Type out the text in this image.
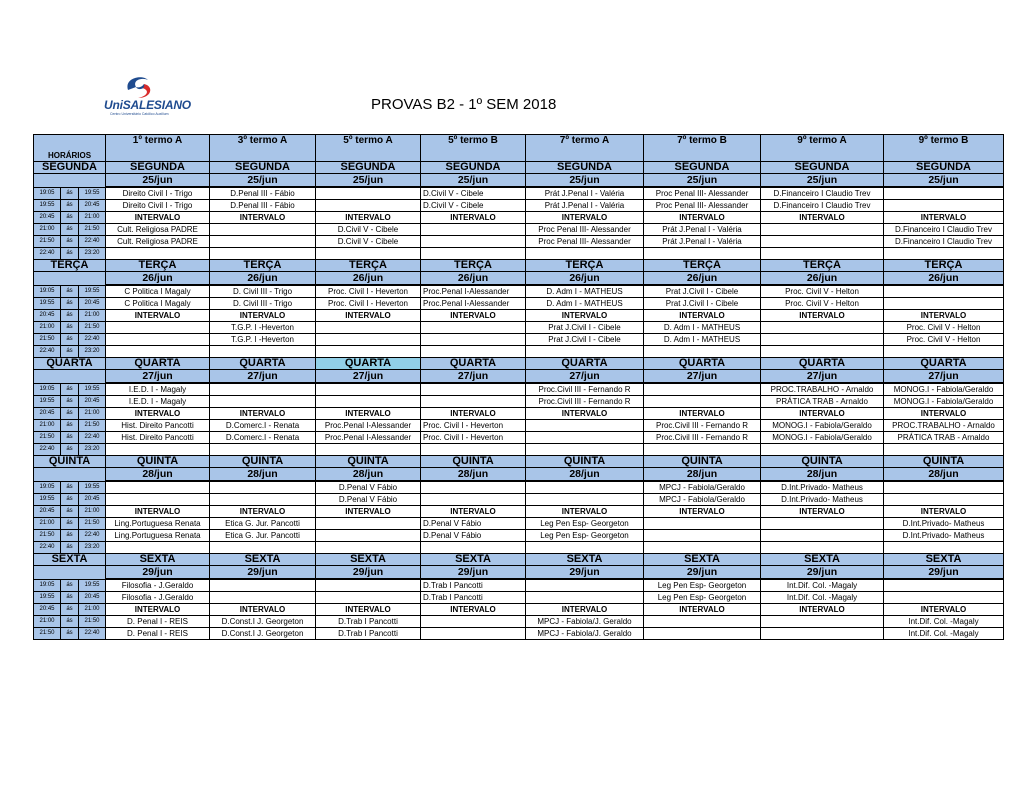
UniSALESIANO
Centro Universitário Católico Auxilium
PROVAS B2 - 1º SEM 2018
HORÁRIOS			1º termo A	3º termo A	5º termo A	5º termo B	7º termo A	7º termo B	9º termo A	9º termo B
SEGUNDA			SEGUNDA	SEGUNDA	SEGUNDA	SEGUNDA	SEGUNDA	SEGUNDA	SEGUNDA	SEGUNDA
			25/jun	25/jun	25/jun	25/jun	25/jun	25/jun	25/jun	25/jun
19:05	ás	19:55	Direito Civil I - Trigo	D.Penal III - Fábio		D.Civil V - Cibele	Prát J.Penal I - Valéria	Proc Penal III- Alessander	D.Financeiro I Claudio Trev	
19:55	ás	20:45	Direito Civil I - Trigo	D.Penal III - Fábio		D.Civil V - Cibele	Prát J.Penal I - Valéria	Proc Penal III- Alessander	D.Financeiro I Claudio Trev	
20:45	ás	21:00	INTERVALO	INTERVALO	INTERVALO	INTERVALO	INTERVALO	INTERVALO	INTERVALO	INTERVALO
21:00	ás	21:50	Cult. Religiosa PADRE		D.Civil V - Cibele		Proc Penal III- Alessander	Prát J.Penal I - Valéria		D.Financeiro I Claudio Trev
21:50	ás	22:40	Cult. Religiosa PADRE		D.Civil V - Cibele		Proc Penal III- Alessander	Prát J.Penal I - Valéria		D.Financeiro I Claudio Trev
22:40	ás	23:20								
TERÇA			TERÇA	TERÇA	TERÇA	TERÇA	TERÇA	TERÇA	TERÇA	TERÇA
			26/jun	26/jun	26/jun	26/jun	26/jun	26/jun	26/jun	26/jun
19:05	ás	19:55	C Politica I Magaly	D. Civil III - Trigo	Proc. Civil I - Heverton	Proc.Penal I-Alessander	D. Adm I - MATHEUS	Prat J.Civil I - Cibele	Proc. Civil V - Helton	
19:55	ás	20:45	C Politica I Magaly	D. Civil III - Trigo	Proc. Civil I - Heverton	Proc.Penal I-Alessander	D. Adm I - MATHEUS	Prat J.Civil I - Cibele	Proc. Civil V - Helton	
20:45	ás	21:00	INTERVALO	INTERVALO	INTERVALO	INTERVALO	INTERVALO	INTERVALO	INTERVALO	INTERVALO
21:00	ás	21:50		T.G.P. I -Heverton			Prat J.Civil I - Cibele	D. Adm I - MATHEUS		Proc. Civil V - Helton
21:50	ás	22:40		T.G.P. I -Heverton			Prat J.Civil I - Cibele	D. Adm I - MATHEUS		Proc. Civil V - Helton
22:40	ás	23:20								
QUARTA			QUARTA	QUARTA	QUARTA	QUARTA	QUARTA	QUARTA	QUARTA	QUARTA
			27/jun	27/jun	27/jun	27/jun	27/jun	27/jun	27/jun	27/jun
19:05	ás	19:55	I.E.D. I - Magaly				Proc.Civil III - Fernando R		PROC.TRABALHO - Arnaldo	MONOG.I - Fabiola/Geraldo
19:55	ás	20:45	I.E.D. I - Magaly				Proc.Civil III - Fernando R		PRÁTICA TRAB - Arnaldo	MONOG.I - Fabiola/Geraldo
20:45	ás	21:00	INTERVALO	INTERVALO	INTERVALO	INTERVALO	INTERVALO	INTERVALO	INTERVALO	INTERVALO
21:00	ás	21:50	Hist. Direito Pancotti	D.Comerc.I - Renata	Proc.Penal I-Alessander	Proc. Civil I - Heverton		Proc.Civil III - Fernando R	MONOG.I - Fabiola/Geraldo	PROC.TRABALHO - Arnaldo
21:50	ás	22:40	Hist. Direito Pancotti	D.Comerc.I - Renata	Proc.Penal I-Alessander	Proc. Civil I - Heverton		Proc.Civil III - Fernando R	MONOG.I - Fabiola/Geraldo	PRÁTICA TRAB - Arnaldo
22:40	ás	23:20								
QUINTA			QUINTA	QUINTA	QUINTA	QUINTA	QUINTA	QUINTA	QUINTA	QUINTA
			28/jun	28/jun	28/jun	28/jun	28/jun	28/jun	28/jun	28/jun
19:05	ás	19:55			D.Penal V Fábio			MPCJ - Fabiola/Geraldo	D.Int.Privado- Matheus	
19:55	ás	20:45			D.Penal V Fábio			MPCJ - Fabiola/Geraldo	D.Int.Privado- Matheus	
20:45	ás	21:00	INTERVALO	INTERVALO	INTERVALO	INTERVALO	INTERVALO	INTERVALO	INTERVALO	INTERVALO
21:00	ás	21:50	Ling.Portuguesa Renata	Etica G. Jur. Pancotti		D.Penal V Fábio	Leg Pen Esp- Georgeton			D.Int.Privado- Matheus
21:50	ás	22:40	Ling.Portuguesa Renata	Etica G. Jur. Pancotti		D.Penal V Fábio	Leg Pen Esp- Georgeton			D.Int.Privado- Matheus
22:40	ás	23:20								
SEXTA			SEXTA	SEXTA	SEXTA	SEXTA	SEXTA	SEXTA	SEXTA	SEXTA
			29/jun	29/jun	29/jun	29/jun	29/jun	29/jun	29/jun	29/jun
19:05	ás	19:55	Filosofia - J.Geraldo			D.Trab I Pancotti		Leg Pen Esp- Georgeton	Int.Dif. Col. -Magaly	
19:55	ás	20:45	Filosofia - J.Geraldo			D.Trab I Pancotti		Leg Pen Esp- Georgeton	Int.Dif. Col. -Magaly	
20:45	ás	21:00	INTERVALO	INTERVALO	INTERVALO	INTERVALO	INTERVALO	INTERVALO	INTERVALO	INTERVALO
21:00	ás	21:50	D. Penal I - REIS	D.Const.I J. Georgeton	D.Trab I Pancotti		MPCJ - Fabiola/J. Geraldo			Int.Dif. Col. -Magaly
21:50	ás	22:40	D. Penal I - REIS	D.Const.I J. Georgeton	D.Trab I Pancotti		MPCJ - Fabiola/J. Geraldo			Int.Dif. Col. -Magaly
